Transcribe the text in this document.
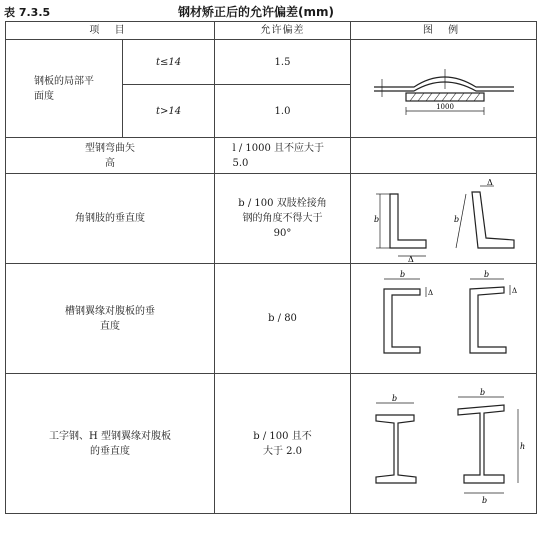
表 7.3.5	钢材矫正后的允许偏差(mm)
项 目		允许偏差	图 例

钢板的局部平面度	t≤14	1.5	1000

	t>14	1.0	

型钢弯曲矢高		l / 1000 且不应大于 5.0	

角钢肢的垂直度		b / 100 双肢栓接角钢的角度不得大于 90°	b
Δ
b
Δ

槽钢翼缘对腹板的垂直度		b / 80	b
Δ
b
Δ

工字钢、H 型钢翼缘对腹板的垂直度		b / 100 且不大于 2.0	b
b
h
b
